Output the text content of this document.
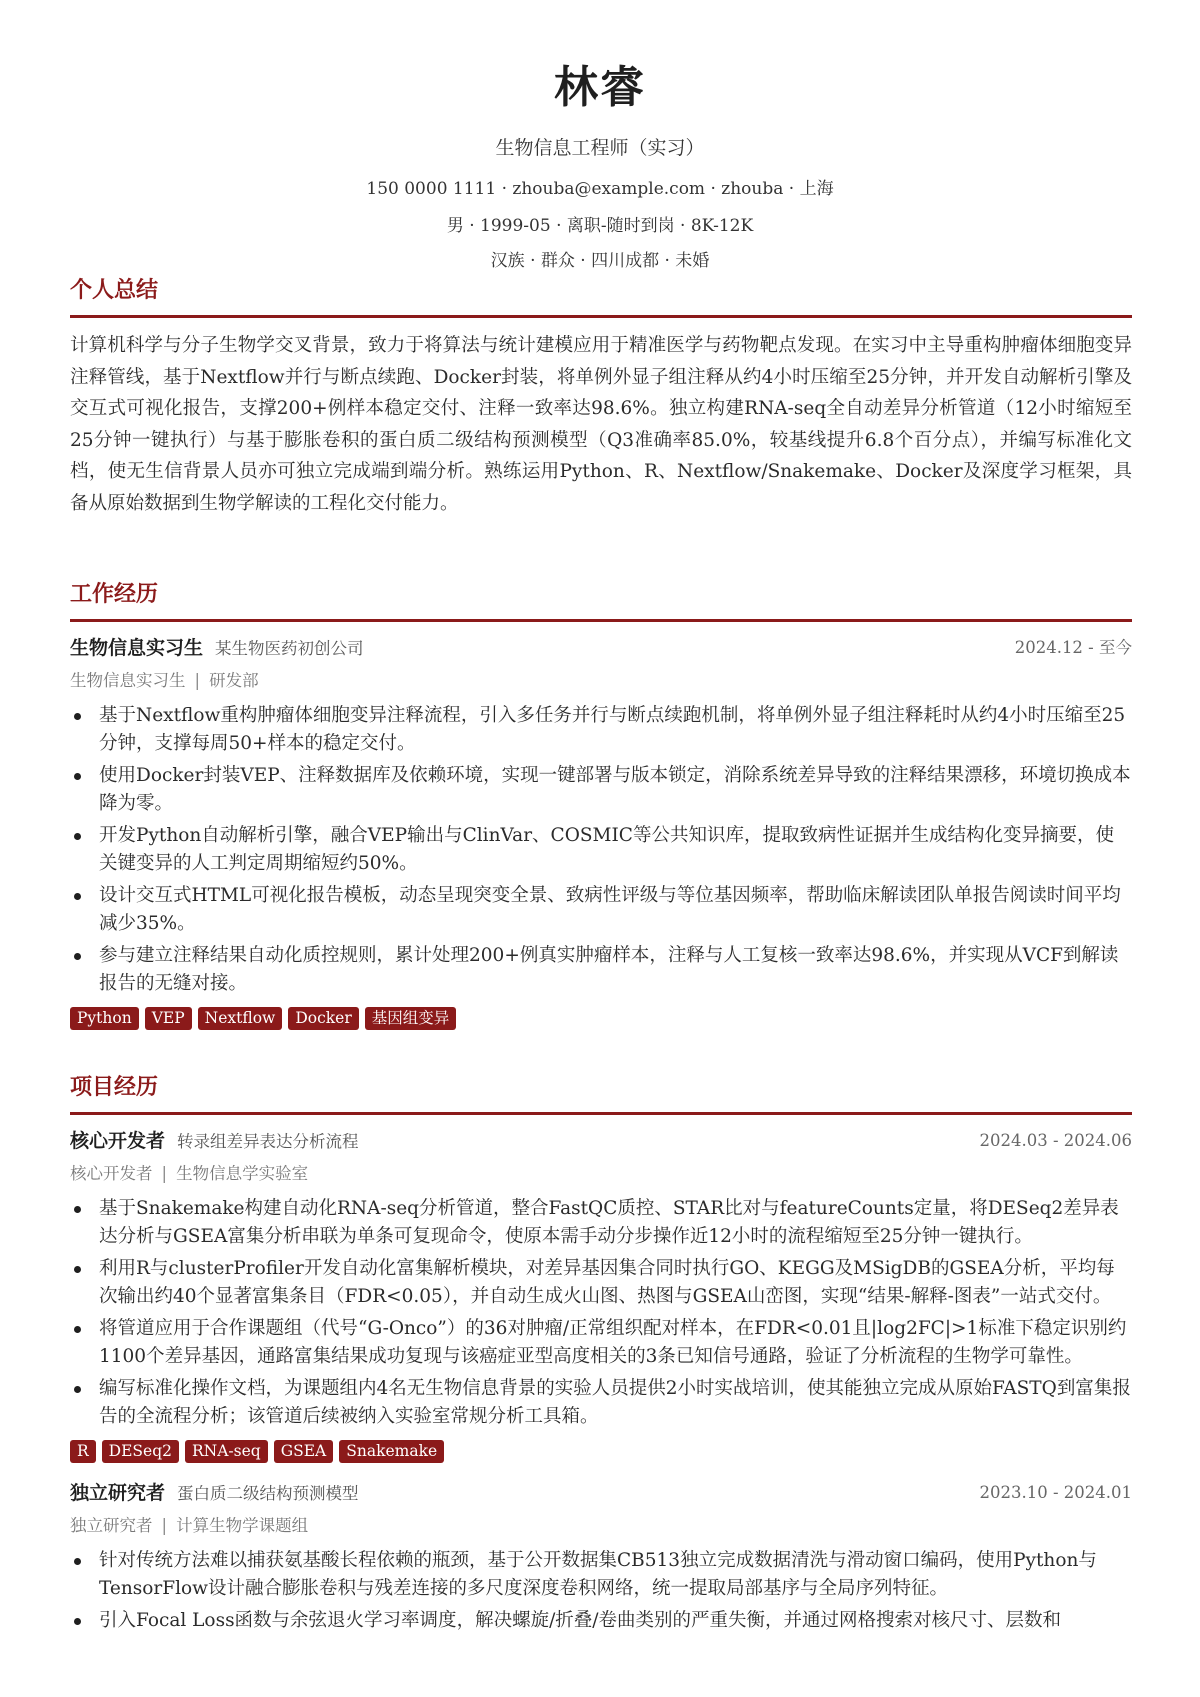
林睿
生物信息工程师（实习）
150 0000 1111 · zhouba@example.com · zhouba · 上海
男 · 1999-05 · 离职-随时到岗 · 8K-12K
汉族 · 群众 · 四川成都 · 未婚
个人总结
计算机科学与分子生物学交叉背景，致力于将算法与统计建模应用于精准医学与药物靶点发现。在实习中主导重构肿瘤体细胞变异注释管线，基于Nextflow并行与断点续跑、Docker封装，将单例外显子组注释从约4小时压缩至25分钟，并开发自动解析引擎及交互式可视化报告，支撑200+例样本稳定交付、注释一致率达98.6%。独立构建RNA-seq全自动差异分析管道（12小时缩短至25分钟一键执行）与基于膨胀卷积的蛋白质二级结构预测模型（Q3准确率85.0%，较基线提升6.8个百分点），并编写标准化文档，使无生信背景人员亦可独立完成端到端分析。熟练运用Python、R、Nextflow/Snakemake、Docker及深度学习框架，具备从原始数据到生物学解读的工程化交付能力。
工作经历
生物信息实习生 某生物医药初创公司	2024.12 - 至今
生物信息实习生 | 研发部
基于Nextflow重构肿瘤体细胞变异注释流程，引入多任务并行与断点续跑机制，将单例外显子组注释耗时从约4小时压缩至25分钟，支撑每周50+样本的稳定交付。
使用Docker封装VEP、注释数据库及依赖环境，实现一键部署与版本锁定，消除系统差异导致的注释结果漂移，环境切换成本降为零。
开发Python自动解析引擎，融合VEP输出与ClinVar、COSMIC等公共知识库，提取致病性证据并生成结构化变异摘要，使关键变异的人工判定周期缩短约50%。
设计交互式HTML可视化报告模板，动态呈现突变全景、致病性评级与等位基因频率，帮助临床解读团队单报告阅读时间平均减少35%。
参与建立注释结果自动化质控规则，累计处理200+例真实肿瘤样本，注释与人工复核一致率达98.6%，并实现从VCF到解读报告的无缝对接。
Python VEP Nextflow Docker 基因组变异
项目经历
核心开发者 转录组差异表达分析流程	2024.03 - 2024.06
核心开发者 | 生物信息学实验室
基于Snakemake构建自动化RNA-seq分析管道，整合FastQC质控、STAR比对与featureCounts定量，将DESeq2差异表达分析与GSEA富集分析串联为单条可复现命令，使原本需手动分步操作近12小时的流程缩短至25分钟一键执行。
利用R与clusterProfiler开发自动化富集解析模块，对差异基因集合同时执行GO、KEGG及MSigDB的GSEA分析，平均每次输出约40个显著富集条目（FDR<0.05），并自动生成火山图、热图与GSEA山峦图，实现“结果-解释-图表”一站式交付。
将管道应用于合作课题组（代号“G-Onco”）的36对肿瘤/正常组织配对样本，在FDR<0.01且|log2FC|>1标准下稳定识别约1100个差异基因，通路富集结果成功复现与该癌症亚型高度相关的3条已知信号通路，验证了分析流程的生物学可靠性。
编写标准化操作文档，为课题组内4名无生物信息背景的实验人员提供2小时实战培训，使其能独立完成从原始FASTQ到富集报告的全流程分析；该管道后续被纳入实验室常规分析工具箱。
R DESeq2 RNA-seq GSEA Snakemake
独立研究者 蛋白质二级结构预测模型	2023.10 - 2024.01
独立研究者 | 计算生物学课题组
针对传统方法难以捕获氨基酸长程依赖的瓶颈，基于公开数据集CB513独立完成数据清洗与滑动窗口编码，使用Python与TensorFlow设计融合膨胀卷积与残差连接的多尺度深度卷积网络，统一提取局部基序与全局序列特征。
引入Focal Loss函数与余弦退火学习率调度，解决螺旋/折叠/卷曲类别的严重失衡，并通过网格搜索对核尺寸、层数和
